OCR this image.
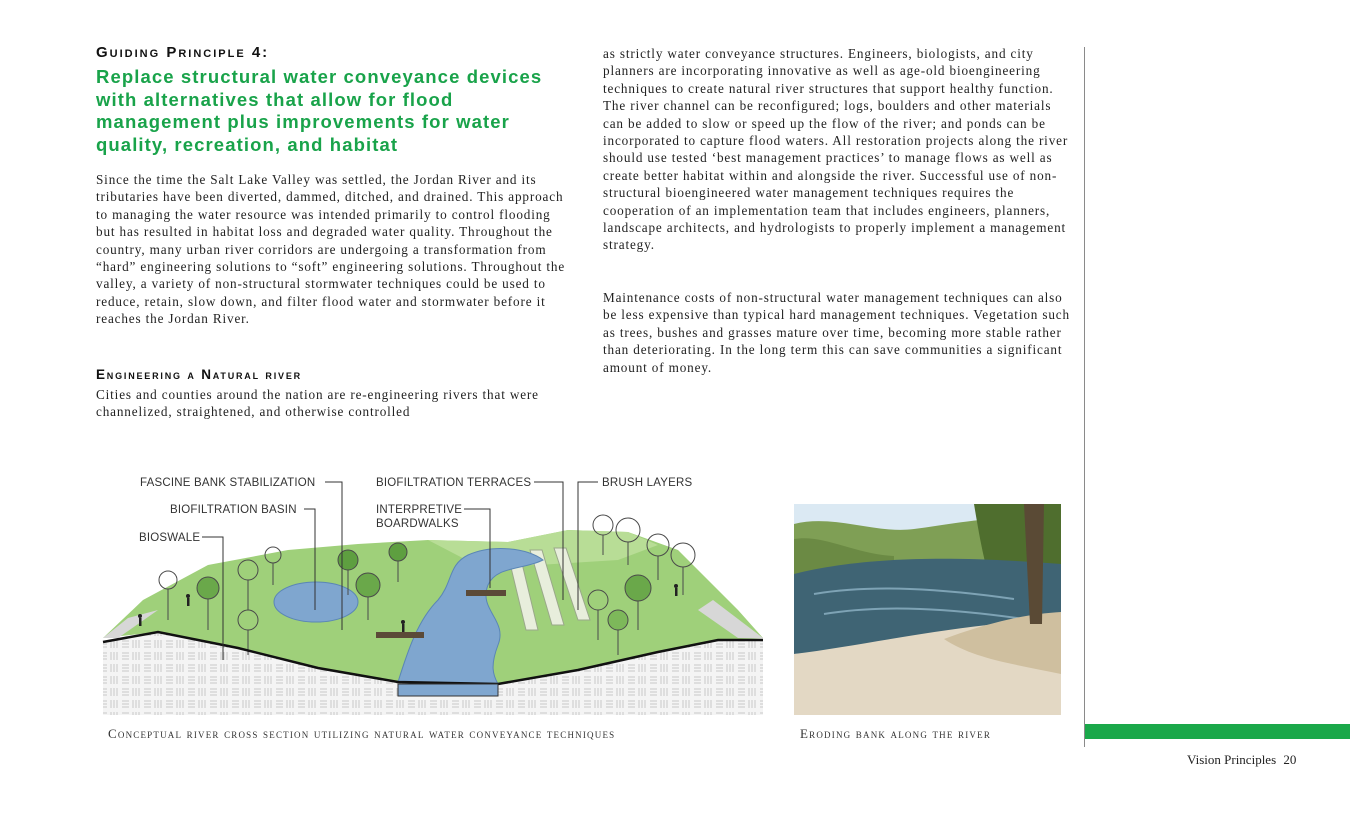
Guiding Principle 4:
Replace structural water conveyance devices with alternatives that allow for flood management plus improvements for water quality, recreation, and habitat

Since the time the Salt Lake Valley was settled, the Jordan River and its tributaries have been diverted, dammed, ditched, and drained. This approach to managing the water resource was intended primarily to control flooding but has resulted in habitat loss and degraded water quality. Throughout the country, many urban river corridors are undergoing a transformation from “hard” engineering solutions to “soft” engineering solutions. Throughout the valley, a variety of non-structural stormwater techniques could be used to reduce, retain, slow down, and filter flood water and stormwater before it reaches the Jordan River.

Engineering a Natural river

Cities and counties around the nation are re-engineering rivers that were channelized, straightened, and otherwise controlled

as strictly water conveyance structures. Engineers, biologists, and city planners are incorporating innovative as well as age-old bioengineering techniques to create natural river structures that support healthy function. The river channel can be reconfigured; logs, boulders and other materials can be added to slow or speed up the flow of the river; and ponds can be incorporated to capture flood waters. All restoration projects along the river should use tested ‘best management practices’ to manage flows as well as create better habitat within and alongside the river. Successful use of non-structural bioengineered water management techniques requires the cooperation of an implementation team that includes engineers, planners, landscape architects, and hydrologists to properly implement a management strategy.

Maintenance costs of non-structural water management techniques can also be less expensive than typical hard management techniques. Vegetation such as trees, bushes and grasses mature over time, becoming more stable rather than deteriorating. In the long term this can save communities a significant amount of money.

FASCINE BANK STABILIZATION
BIOFILTRATION BASIN
BIOSWALE
BIOFILTRATION TERRACES
INTERPRETIVE
BOARDWALKS
BRUSH LAYERS
Conceptual river cross section utilizing natural water conveyance techniques	Eroding bank along the river
Vision Principles 20
